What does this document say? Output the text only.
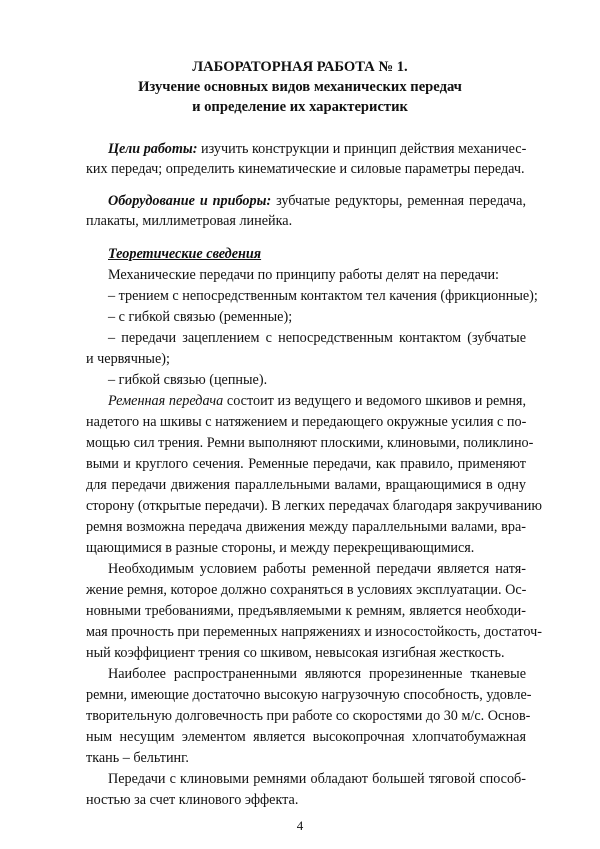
ЛАБОРАТОРНАЯ РАБОТА № 1.
Изучение основных видов механических передач
и определение их характеристик
Цели работы: изучить конструкции и принцип действия механичес-
ких передач; определить кинематические и силовые параметры передач.
Оборудование и приборы: зубчатые редукторы, ременная передача,
плакаты, миллиметровая линейка.
Теоретические сведения
Механические передачи по принципу работы делят на передачи:
– трением с непосредственным контактом тел качения (фрикционные);
– с гибкой связью (ременные);
– передачи зацеплением с непосредственным контактом (зубчатые
и червячные);
– гибкой связью (цепные).
Ременная передача состоит из ведущего и ведомого шкивов и ремня,
надетого на шкивы с натяжением и передающего окружные усилия с по-
мощью сил трения. Ремни выполняют плоскими, клиновыми, поликлино-
выми и круглого сечения. Ременные передачи, как правило, применяют
для передачи движения параллельными валами, вращающимися в одну
сторону (открытые передачи). В легких передачах благодаря закручиванию
ремня возможна передача движения между параллельными валами, вра-
щающимися в разные стороны, и между перекрещивающимися.
Необходимым условием работы ременной передачи является натя-
жение ремня, которое должно сохраняться в условиях эксплуатации. Ос-
новными требованиями, предъявляемыми к ремням, является необходи-
мая прочность при переменных напряжениях и износостойкость, достаточ-
ный коэффициент трения со шкивом, невысокая изгибная жесткость.
Наиболее распространенными являются прорезиненные тканевые
ремни, имеющие достаточно высокую нагрузочную способность, удовле-
творительную долговечность при работе со скоростями до 30 м/с. Основ-
ным несущим элементом является высокопрочная хлопчатобумажная
ткань – бельтинг.
Передачи с клиновыми ремнями обладают большей тяговой способ-
ностью за счет клинового эффекта.
4
